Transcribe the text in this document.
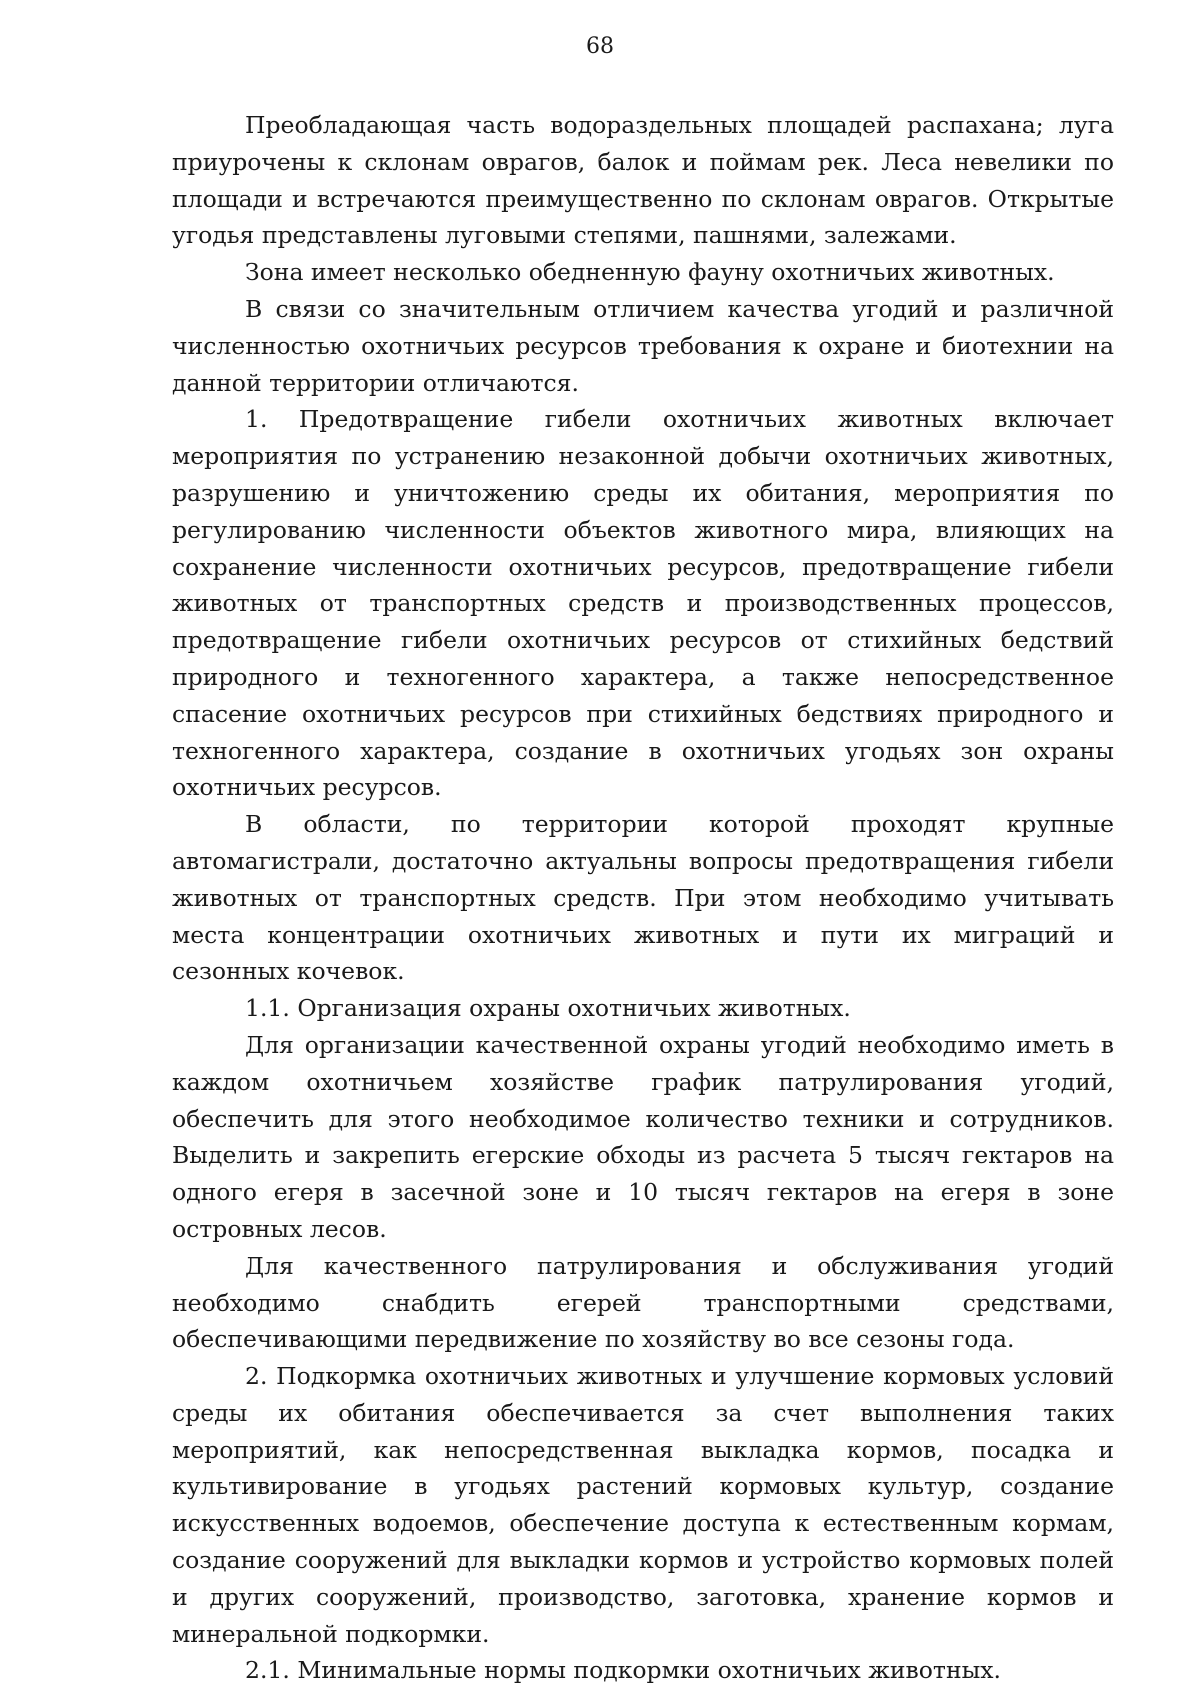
68

Преобладающая часть водораздельных площадей распахана; луга приурочены к склонам оврагов, балок и поймам рек. Леса невелики по площади и встречаются преимущественно по склонам оврагов. Открытые угодья представлены луговыми степями, пашнями, залежами.

Зона имеет несколько обедненную фауну охотничьих животных.

В связи со значительным отличием качества угодий и различной численностью охотничьих ресурсов требования к охране и биотехнии на данной территории отличаются.

1. Предотвращение гибели охотничьих животных включает мероприятия по устранению незаконной добычи охотничьих животных, разрушению и уничтожению среды их обитания, мероприятия по регулированию численности объектов животного мира, влияющих на сохранение численности охотничьих ресурсов, предотвращение гибели животных от транспортных средств и производственных процессов, предотвращение гибели охотничьих ресурсов от стихийных бедствий природного и техногенного характера, а также непосредственное спасение охотничьих ресурсов при стихийных бедствиях природного и техногенного характера, создание в охотничьих угодьях зон охраны охотничьих ресурсов.

В области, по территории которой проходят крупные автомагистрали, достаточно актуальны вопросы предотвращения гибели животных от транспортных средств. При этом необходимо учитывать места концентрации охотничьих животных и пути их миграций и сезонных кочевок.

1.1. Организация охраны охотничьих животных.

Для организации качественной охраны угодий необходимо иметь в каждом охотничьем хозяйстве график патрулирования угодий, обеспечить для этого необходимое количество техники и сотрудников. Выделить и закрепить егерские обходы из расчета 5 тысяч гектаров на одного егеря в засечной зоне и 10 тысяч гектаров на егеря в зоне островных лесов.

Для качественного патрулирования и обслуживания угодий необходимо снабдить егерей транспортными средствами, обеспечивающими передвижение по хозяйству во все сезоны года.

2. Подкормка охотничьих животных и улучшение кормовых условий среды их обитания обеспечивается за счет выполнения таких мероприятий, как непосредственная выкладка кормов, посадка и культивирование в угодьях растений кормовых культур, создание искусственных водоемов, обеспечение доступа к естественным кормам, создание сооружений для выкладки кормов и устройство кормовых полей и других сооружений, производство, заготовка, хранение кормов и минеральной подкормки.

2.1. Минимальные нормы подкормки охотничьих животных.
